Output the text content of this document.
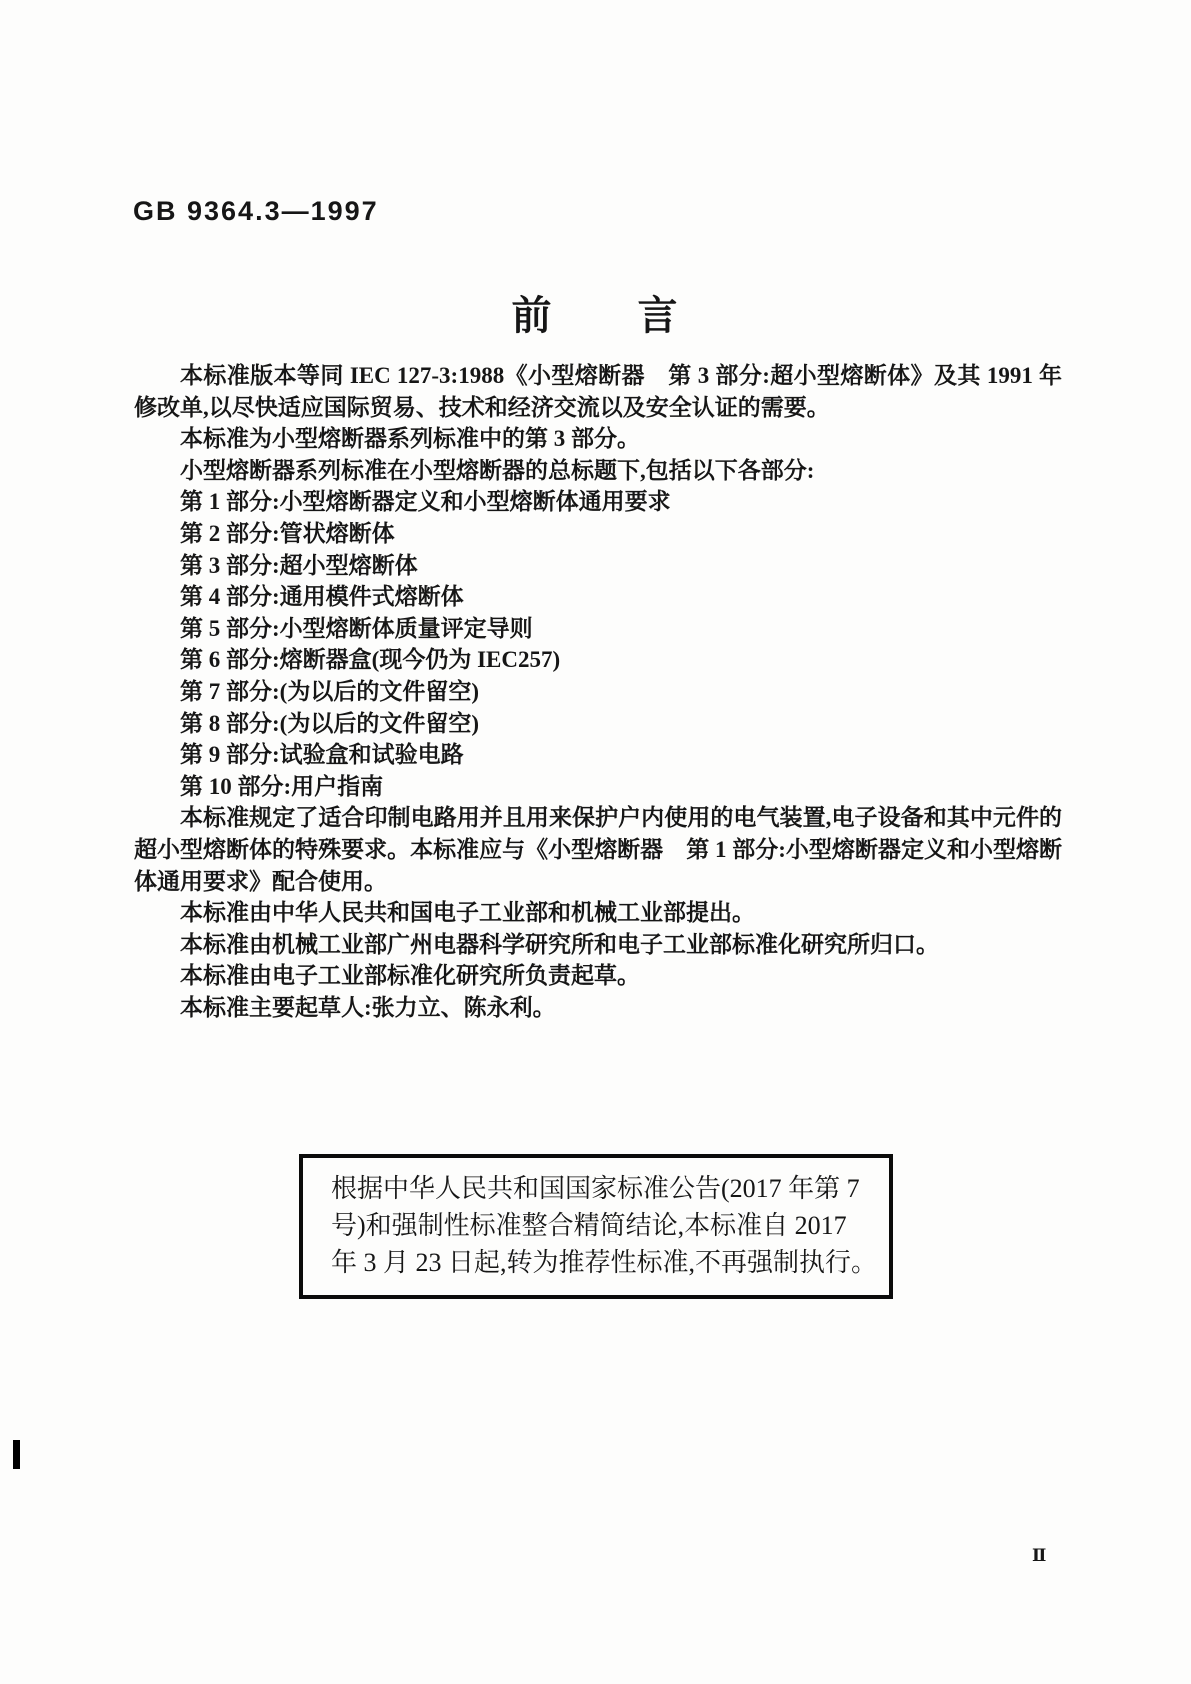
GB 9364.3—1997
前　　言

本标准版本等同 IEC 127-3:1988《小型熔断器　第 3 部分:超小型熔断体》及其 1991 年修改单,以尽快适应国际贸易、技术和经济交流以及安全认证的需要。

本标准为小型熔断器系列标准中的第 3 部分。

小型熔断器系列标准在小型熔断器的总标题下,包括以下各部分:

第 1 部分:小型熔断器定义和小型熔断体通用要求

第 2 部分:管状熔断体

第 3 部分:超小型熔断体

第 4 部分:通用模件式熔断体

第 5 部分:小型熔断体质量评定导则

第 6 部分:熔断器盒(现今仍为 IEC257)

第 7 部分:(为以后的文件留空)

第 8 部分:(为以后的文件留空)

第 9 部分:试验盒和试验电路

第 10 部分:用户指南

本标准规定了适合印制电路用并且用来保护户内使用的电气装置,电子设备和其中元件的超小型熔断体的特殊要求。本标准应与《小型熔断器　第 1 部分:小型熔断器定义和小型熔断体通用要求》配合使用。

本标准由中华人民共和国电子工业部和机械工业部提出。

本标准由机械工业部广州电器科学研究所和电子工业部标准化研究所归口。

本标准由电子工业部标准化研究所负责起草。

本标准主要起草人:张力立、陈永利。

根据中华人民共和国国家标准公告(2017 年第 7
号)和强制性标准整合精简结论,本标准自 2017
年 3 月 23 日起,转为推荐性标准,不再强制执行。
Ⅱ
